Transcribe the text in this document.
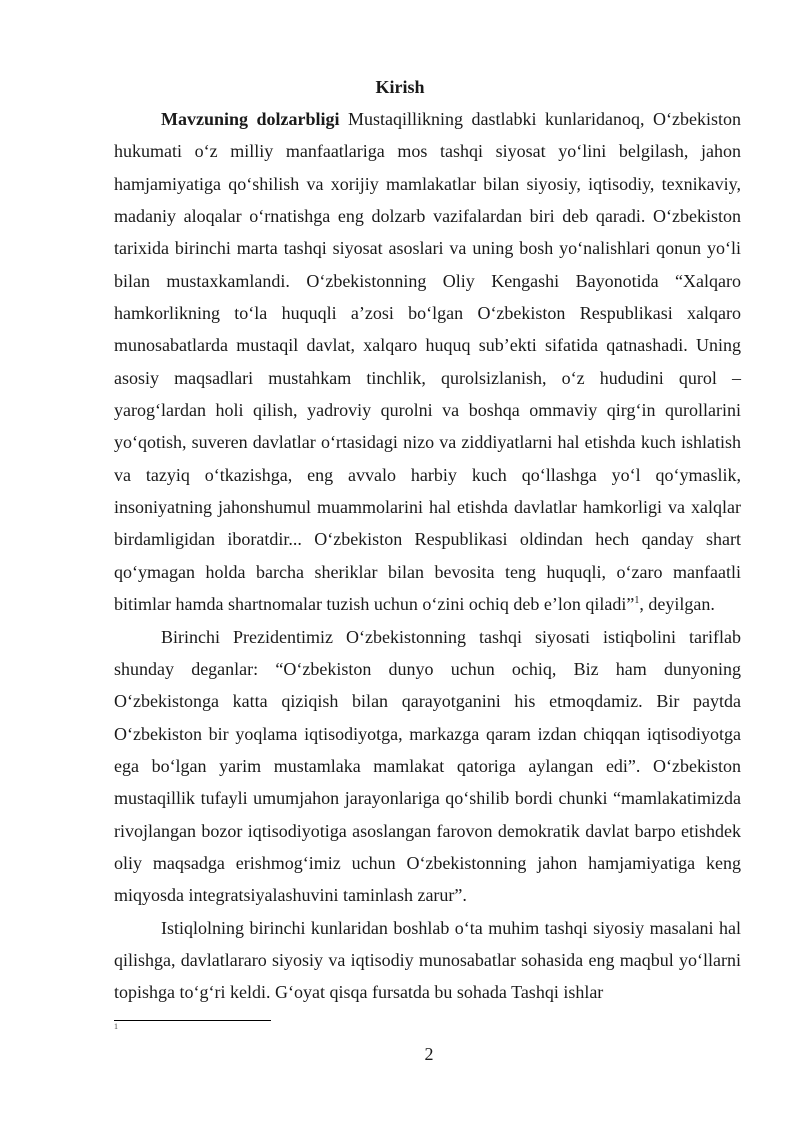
Kirish

Mavzuning dolzarbligi Mustaqillikning dastlabki kunlaridanoq, O‘zbekiston hukumati o‘z milliy manfaatlariga mos tashqi siyosat yo‘lini belgilash, jahon hamjamiyatiga qo‘shilish va xorijiy mamlakatlar bilan siyosiy, iqtisodiy, texnikaviy, madaniy aloqalar o‘rnatishga eng dolzarb vazifalardan biri deb qaradi. O‘zbekiston tarixida birinchi marta tashqi siyosat asoslari va uning bosh yo‘nalishlari qonun yo‘li bilan mustaxkamlandi. O‘zbekistonning Oliy Kengashi Bayonotida “Xalqaro hamkorlikning to‘la huquqli a’zosi bo‘lgan O‘zbekiston Respublikasi xalqaro munosabatlarda mustaqil davlat, xalqaro huquq sub’ekti sifatida qatnashadi. Uning asosiy maqsadlari mustahkam tinchlik, qurolsizlanish, o‘z hududini qurol – yarog‘lardan holi qilish, yadroviy qurolni va boshqa ommaviy qirg‘in qurollarini yo‘qotish, suveren davlatlar o‘rtasidagi nizo va ziddiyatlarni hal etishda kuch ishlatish va tazyiq o‘tkazishga, eng avvalo harbiy kuch qo‘llashga yo‘l qo‘ymaslik, insoniyatning jahonshumul muammolarini hal etishda davlatlar hamkorligi va xalqlar birdamligidan iboratdir... O‘zbekiston Respublikasi oldindan hech qanday shart qo‘ymagan holda barcha sheriklar bilan bevosita teng huquqli, o‘zaro manfaatli bitimlar hamda shartnomalar tuzish uchun o‘zini ochiq deb e’lon qiladi”$^1$, deyilgan.

Birinchi Prezidentimiz O‘zbekistonning tashqi siyosati istiqbolini tariflab shunday deganlar: “O‘zbekiston dunyo uchun ochiq, Biz ham dunyoning O‘zbekistonga katta qiziqish bilan qarayotganini his etmoqdamiz. Bir paytda O‘zbekiston bir yoqlama iqtisodiyotga, markazga qaram izdan chiqqan iqtisodiyotga ega bo‘lgan yarim mustamlaka mamlakat qatoriga aylangan edi”. O‘zbekiston mustaqillik tufayli umumjahon jarayonlariga qo‘shilib bordi chunki “mamlakatimizda rivojlangan bozor iqtisodiyotiga asoslangan farovon demokratik davlat barpo etishdek oliy maqsadga erishmog‘imiz uchun O‘zbekistonning jahon hamjamiyatiga keng miqyosda integratsiyalashuvini taminlash zarur”.

Istiqlolning birinchi kunlaridan boshlab o‘ta muhim tashqi siyosiy masalani hal qilishga, davlatlararo siyosiy va iqtisodiy munosabatlar sohasida eng maqbul yo‘llarni topishga to‘g‘ri keldi. G‘oyat qisqa fursatda bu sohada Tashqi ishlar

1
2
